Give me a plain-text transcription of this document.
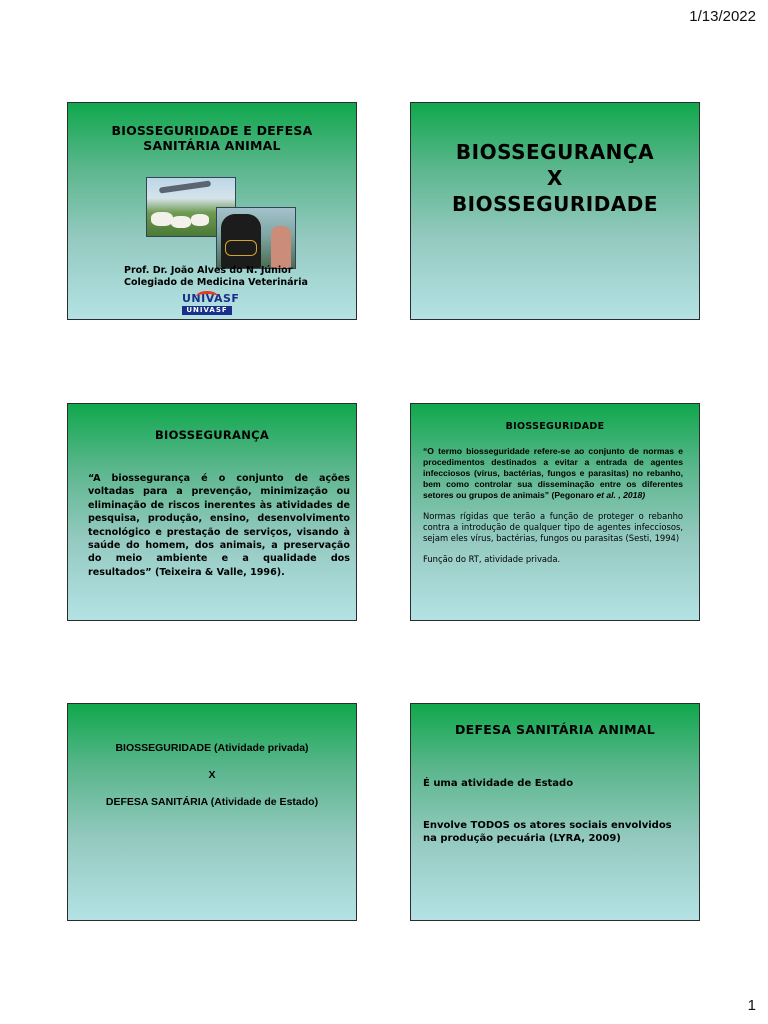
1/13/2022
BIOSSEGURIDADE E DEFESA
SANITÁRIA ANIMAL
Prof. Dr. João Alves do N. Júnior
Colegiado de Medicina Veterinária
UNIVASF
UNIVASF
BIOSSEGURANÇA
X
BIOSSEGURIDADE
BIOSSEGURANÇA
“A biossegurança é o conjunto de ações voltadas para a prevenção, minimização ou eliminação de riscos inerentes às atividades de pesquisa, produção, ensino, desenvolvimento tecnológico e prestação de serviços, visando à saúde do homem, dos animais, a preservação do meio ambiente e a qualidade dos resultados” (Teixeira & Valle, 1996).
BIOSSEGURIDADE
“O termo biosseguridade refere-se ao conjunto de normas e procedimentos destinados a evitar a entrada de agentes infecciosos (vírus, bactérias, fungos e parasitas) no rebanho, bem como controlar sua disseminação entre os diferentes setores ou grupos de animais” (Pegonaro et al. , 2018)
Normas rígidas que terão a função de proteger o rebanho contra a introdução de qualquer tipo de agentes infecciosos, sejam eles vírus, bactérias, fungos ou parasitas (Sesti, 1994)
Função do RT, atividade privada.
BIOSSEGURIDADE (Atividade privada)
X
DEFESA SANITÁRIA (Atividade de Estado)
DEFESA SANITÁRIA ANIMAL
É uma atividade de Estado
Envolve TODOS os atores sociais envolvidos na produção pecuária (LYRA, 2009)
1
